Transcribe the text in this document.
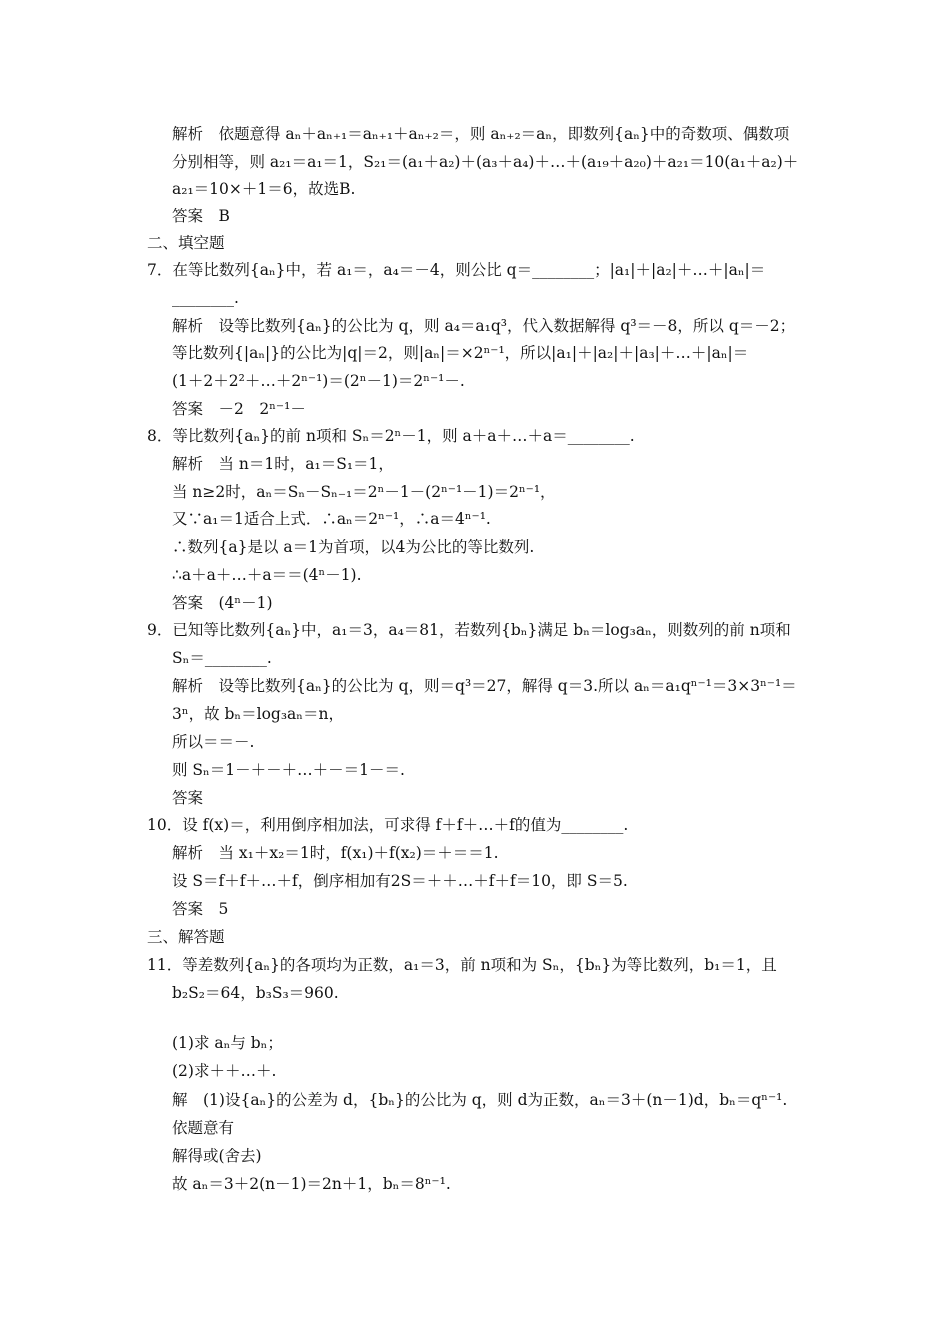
解析　依题意得 aₙ＋aₙ₊₁＝aₙ₊₁＋aₙ₊₂＝，则 aₙ₊₂＝aₙ，即数列{aₙ}中的奇数项、偶数项
分别相等，则 a₂₁＝a₁＝1，S₂₁＝(a₁＋a₂)＋(a₃＋a₄)＋…＋(a₁₉＋a₂₀)＋a₂₁＝10(a₁＋a₂)＋
a₂₁＝10×＋1＝6，故选B.
答案　B
二、填空题
7．在等比数列{aₙ}中，若 a₁＝，a₄＝－4，则公比 q＝________；|a₁|＋|a₂|＋…＋|aₙ|＝
________.
解析　设等比数列{aₙ}的公比为 q，则 a₄＝a₁q³，代入数据解得 q³＝－8，所以 q＝－2；
等比数列{|aₙ|}的公比为|q|＝2，则|aₙ|＝×2ⁿ⁻¹，所以|a₁|＋|a₂|＋|a₃|＋…＋|aₙ|＝
(1＋2＋2²＋…＋2ⁿ⁻¹)＝(2ⁿ－1)＝2ⁿ⁻¹－.
答案　－2　2ⁿ⁻¹－
8．等比数列{aₙ}的前 n项和 Sₙ＝2ⁿ－1，则 a＋a＋…＋a＝________.
解析　当 n＝1时，a₁＝S₁＝1，
当 n≥2时，aₙ＝Sₙ－Sₙ₋₁＝2ⁿ－1－(2ⁿ⁻¹－1)＝2ⁿ⁻¹，
又∵a₁＝1适合上式．∴aₙ＝2ⁿ⁻¹，∴a＝4ⁿ⁻¹.
∴数列{a}是以 a＝1为首项，以4为公比的等比数列.
∴a＋a＋…＋a＝＝(4ⁿ－1).
答案　(4ⁿ－1)
9．已知等比数列{aₙ}中，a₁＝3，a₄＝81，若数列{bₙ}满足 bₙ＝log₃aₙ，则数列的前 n项和
Sₙ＝________.
解析　设等比数列{aₙ}的公比为 q，则＝q³＝27，解得 q＝3.所以 aₙ＝a₁qⁿ⁻¹＝3×3ⁿ⁻¹＝
3ⁿ，故 bₙ＝log₃aₙ＝n，
所以＝＝－.
则 Sₙ＝1－＋－＋…＋－＝1－＝.
答案
10．设 f(x)＝，利用倒序相加法，可求得 f＋f＋…＋f的值为________.
解析　当 x₁＋x₂＝1时，f(x₁)＋f(x₂)＝＋＝＝1.
设 S＝f＋f＋…＋f，倒序相加有2S＝＋＋…＋f＋f＝10，即 S＝5.
答案　5
三、解答题
11．等差数列{aₙ}的各项均为正数，a₁＝3，前 n项和为 Sₙ，{bₙ}为等比数列，b₁＝1，且
b₂S₂＝64，b₃S₃＝960.
(1)求 aₙ与 bₙ；
(2)求＋＋…＋.
解　(1)设{aₙ}的公差为 d，{bₙ}的公比为 q，则 d为正数，aₙ＝3＋(n－1)d，bₙ＝qⁿ⁻¹.
依题意有
解得或(舍去)
故 aₙ＝3＋2(n－1)＝2n＋1，bₙ＝8ⁿ⁻¹.
